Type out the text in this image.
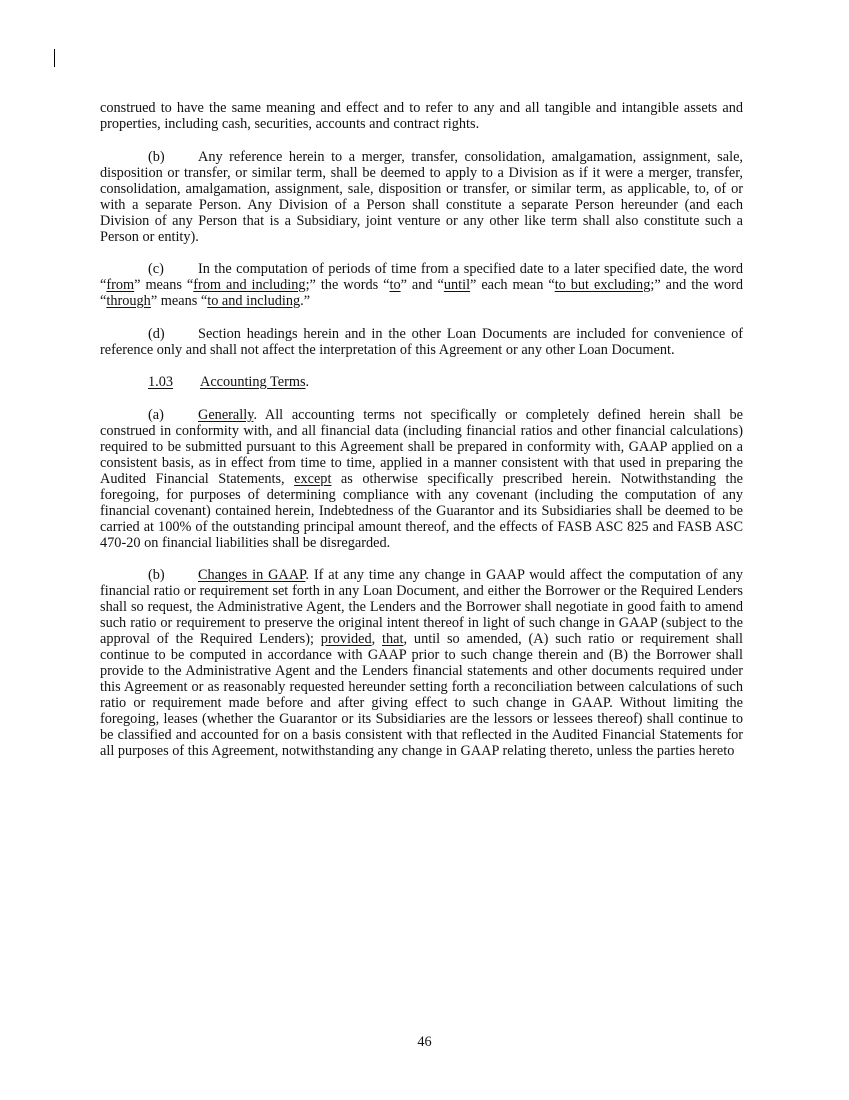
construed to have the same meaning and effect and to refer to any and all tangible and intangible assets and properties, including cash, securities, accounts and contract rights.

(b) Any reference herein to a merger, transfer, consolidation, amalgamation, assignment, sale, disposition or transfer, or similar term, shall be deemed to apply to a Division as if it were a merger, transfer, consolidation, amalgamation, assignment, sale, disposition or transfer, or similar term, as applicable, to, of or with a separate Person. Any Division of a Person shall constitute a separate Person hereunder (and each Division of any Person that is a Subsidiary, joint venture or any other like term shall also constitute such a Person or entity).

(c) In the computation of periods of time from a specified date to a later specified date, the word “from” means “from and including;” the words “to” and “until” each mean “to but excluding;” and the word “through” means “to and including.”

(d) Section headings herein and in the other Loan Documents are included for convenience of reference only and shall not affect the interpretation of this Agreement or any other Loan Document.

1.03 Accounting Terms.

(a) Generally. All accounting terms not specifically or completely defined herein shall be construed in conformity with, and all financial data (including financial ratios and other financial calculations) required to be submitted pursuant to this Agreement shall be prepared in conformity with, GAAP applied on a consistent basis, as in effect from time to time, applied in a manner consistent with that used in preparing the Audited Financial Statements, except as otherwise specifically prescribed herein. Notwithstanding the foregoing, for purposes of determining compliance with any covenant (including the computation of any financial covenant) contained herein, Indebtedness of the Guarantor and its Subsidiaries shall be deemed to be carried at 100% of the outstanding principal amount thereof, and the effects of FASB ASC 825 and FASB ASC 470-20 on financial liabilities shall be disregarded.

(b) Changes in GAAP. If at any time any change in GAAP would affect the computation of any financial ratio or requirement set forth in any Loan Document, and either the Borrower or the Required Lenders shall so request, the Administrative Agent, the Lenders and the Borrower shall negotiate in good faith to amend such ratio or requirement to preserve the original intent thereof in light of such change in GAAP (subject to the approval of the Required Lenders); provided, that, until so amended, (A) such ratio or requirement shall continue to be computed in accordance with GAAP prior to such change therein and (B) the Borrower shall provide to the Administrative Agent and the Lenders financial statements and other documents required under this Agreement or as reasonably requested hereunder setting forth a reconciliation between calculations of such ratio or requirement made before and after giving effect to such change in GAAP. Without limiting the foregoing, leases (whether the Guarantor or its Subsidiaries are the lessors or lessees thereof) shall continue to be classified and accounted for on a basis consistent with that reflected in the Audited Financial Statements for all purposes of this Agreement, notwithstanding any change in GAAP relating thereto, unless the parties hereto

46
